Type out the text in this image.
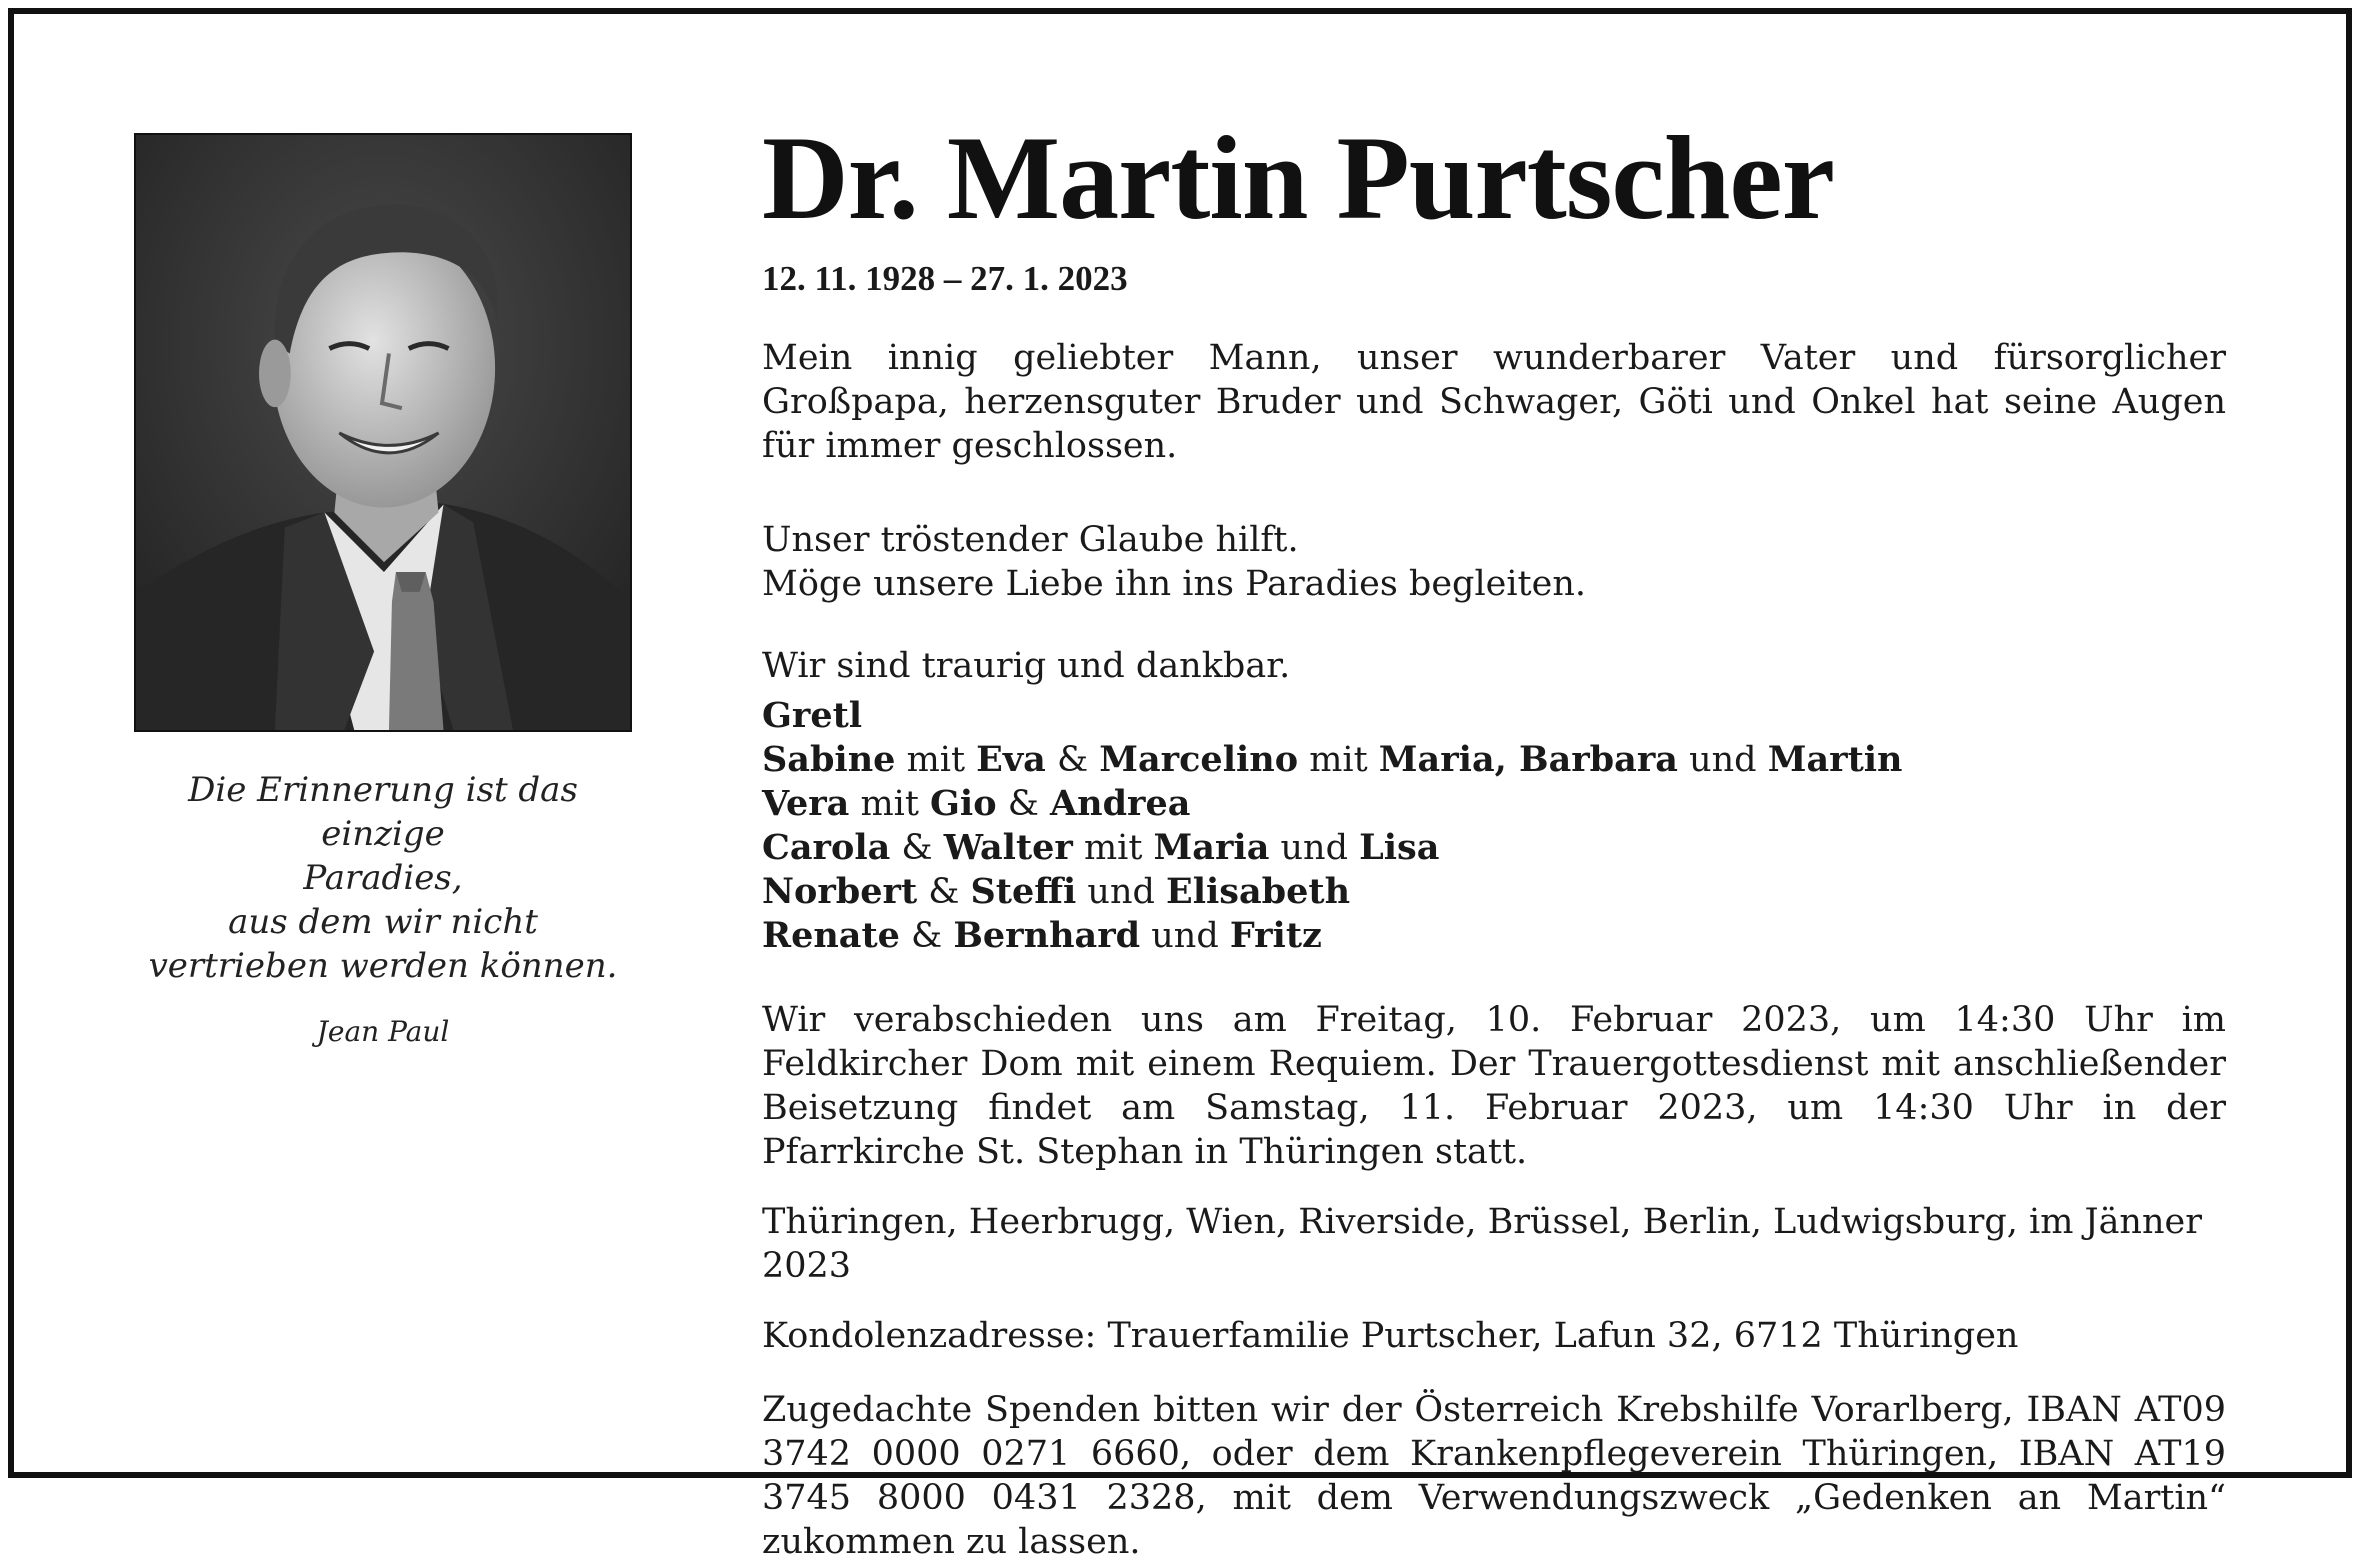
Die Erinnerung ist das einzige
Paradies,
aus dem wir nicht
vertrieben werden können.
Jean Paul
Dr. Martin Purtscher
12. 11. 1928 – 27. 1. 2023

Mein innig geliebter Mann, unser wunderbarer Vater und fürsorglicher Großpapa, herzensguter Bruder und Schwager, Göti und Onkel hat seine Augen für immer geschlossen.

Unser tröstender Glaube hilft.

Möge unsere Liebe ihn ins Paradies begleiten.

Wir sind traurig und dankbar.

Gretl
Sabine mit Eva & Marcelino mit Maria, Barbara und Martin
Vera mit Gio & Andrea
Carola & Walter mit Maria und Lisa
Norbert & Steffi und Elisabeth
Renate & Bernhard und Fritz

Wir verabschieden uns am Freitag, 10. Februar 2023, um 14:30 Uhr im Feldkircher Dom mit einem Requiem. Der Trauergottesdienst mit anschließender Beisetzung findet am Samstag, 11. Februar 2023, um 14:30 Uhr in der Pfarrkirche St. Stephan in Thüringen statt.

Thüringen, Heerbrugg, Wien, Riverside, Brüssel, Berlin, Ludwigsburg, im Jänner 2023

Kondolenzadresse: Trauerfamilie Purtscher, Lafun 32, 6712 Thüringen

Zugedachte Spenden bitten wir der Österreich Krebshilfe Vorarlberg, IBAN AT09 3742 0000 0271 6660, oder dem Krankenpflegeverein Thüringen, IBAN AT19 3745 8000 0431 2328, mit dem Verwendungszweck „Gedenken an Martin“ zukommen zu lassen.
